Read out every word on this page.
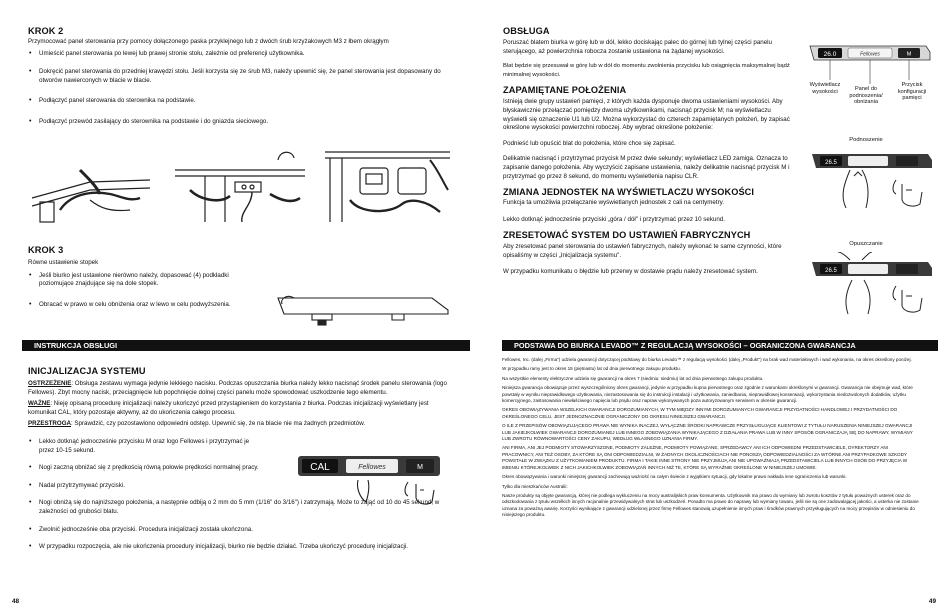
KROK 2

Przymocować panel sterowania przy pomocy dołączonego paska przyklejnego lub z dwóch śrub krzyżakowych M3 z łbem okrągłym

• Umieścić panel sterowania po lewej lub prawej stronie stołu, zależnie od preferencji użytkownika.

• Dokręcić panel sterowania do przedniej krawędzi stołu. Jeśli korzysta się ze śrub M3, należy upewnić się, że panel sterowania jest dopasowany do otworów nawierconych w blacie w blacie.

• Podłączyć panel sterowania do sterownika na podstawie.

• Podłączyć przewód zasilający do sterownika na podstawie i do gniazda sieciowego.

KROK 3

Równe ustawienie stopek

• Jeśli biurko jest ustawione nierówno należy, dopasować (4) podkładki poziomujące znajdujące się na dole stopek.

• Obracać w prawo w celu obniżenia oraz w lewo w celu podwyższenia.

INSTRUKCJA OBSŁUGI
INICJALIZACJA SYSTEMU

OSTRZEŻENIE: Obsługa zestawu wymaga jedynie lekkiego nacisku. Podczas opuszczania biurka należy lekko nacisnąć środek panelu sterowania (logo Fellowes). Zbyt mocny nacisk, przeciągnięcie lub popchnięcie dolnej części panelu może spowodować uszkodzenie tego elementu.

WAŻNE: Nieję opisaną procedurę inicjalizacji należy ukończyć przed przystąpieniem do korzystania z biurka. Podczas inicjalizacji wyświetlany jest komunikat CAL, który pozostaje aktywny, aż do ukończenia całego procesu.

PRZESTROGA: Sprawdzić, czy pozostawiono odpowiedni odstęp. Upewnić się, że na blacie nie ma żadnych przedmiotów.

• Lekko dotknąć jednocześnie przycisku M oraz logo Fellowes i przytrzymać je przez 10-15 sekund.

• Nogi zaczną obniżać się z prędkością równą połowie prędkości normalnej pracy.

• Nadal przytrzymywać przyciski.

• Nogi obniżą się do najniższego położenia, a następnie odbiją o 2 mm do 5 mm (1/16" do 3/16") i zatrzymają. Może to zająć od 10 do 45 sekund, w zależności od grubości blatu.

• Zwolnić jednocześnie oba przyciski. Procedura inicjalizacji została ukończona.

• W przypadku rozpoczęcia, ale nie ukończenia procedury inicjalizacji, biurko nie będzie działać. Trzeba ukończyć procedurę inicjalizacji.

CAL	Fellowes	M
48
OBSŁUGA

Poruszać blatem biurka w górę lub w dół, lekko dociskając palec do górnej lub tylnej części panelu sterującego, aż powierzchnia robocza zostanie ustawiona na żądanej wysokości.

Blat będzie się przesuwał w górę lub w dół do momentu zwolnienia przycisku lub osiągnięcia maksymalnej bądź minimalnej wysokości.

ZAPAMIĘTANE POŁOŻENIA

Istnieją dwie grupy ustawień pamięci, z których każda dysponuje dwoma ustawieniami wysokości. Aby błyskawicznie przełączać pomiędzy dwoma użytkownikami, nacisnąć przycisk M; na wyświetlaczu wyświetli się oznaczenie U1 lub U2. Można wykorzystać do czterech zapamiętanych położeń, by zapisać określone wysokości powierzchni roboczej. Aby wybrać określone położenie:

Podnieść lub opuścić blat do położenia, które chce się zapisać.

Delikatnie nacisnąć i przytrzymać przycisk M przez dwie sekundy; wyświetlacz LED zamiga. Oznacza to zapisanie danego położenia. Aby wyczyścić zapisane ustawienia, należy delikatnie nacisnąć przycisk M i przytrzymać go przez 8 sekund, do momentu wyświetlenia napisu CLR.

ZMIANA JEDNOSTEK NA WYŚWIETLACZU WYSOKOŚCI

Funkcja ta umożliwia przełączanie wyświetlanych jednostek z cali na centymetry.

Lekko dotknąć jednocześnie przyciski „góra / dół" i przytrzymać przez 10 sekund.

ZRESETOWAĆ SYSTEM DO USTAWIEŃ FABRYCZNYCH

Aby zresetować panel sterowania do ustawień fabrycznych, należy wykonać te same czynności, które opisaliśmy w części „Inicjalizacja systemu".

W przypadku komunikatu o błędzie lub przerwy w dostawie prądu należy zresetować system.

26.0	Fellowes	M
Wyświetlacz wysokości	Panel do podnoszenia/ obniżania
Przycisk konfiguracji pamięci
Podnoszenie
26.5
Opuszczanie
26.5
PODSTAWA DO BIURKA LEVADO™ Z REGULACJĄ WYSOKOŚCI – OGRANICZONA GWARANCJA

Fellowes, Inc. (dalej „Firma") udziela gwarancji dotyczącej podstawy do biurka Levado™ z regulacją wysokości (dalej „Produkt") na brak wad materiałowych i wad wykonania, na okres określony poniżej.

W przypadku ramy jest to okres 15 (piętnastu) lat od dnia pierwotnego zakupu produktu.

Na wszystkie elementy elektryczne udziela się gwarancji na okres 7 (siedmiu: siedmiu) lat od dnia pierwotnego zakupu produktu.

Niniejsza gwarancja obowiązuje przez wyszczególniony okres gwarancji, jedynie w przypadku kupna pierwotnego oraz zgodnie z warunkami określonymi w gwarancji. Gwarancja nie obejmuje wad, które powstały w wyniku nieprawidłowego użytkowania, niezastosowania się do instrukcji instalacji i użytkowania, zaniedbania, nieprawidłowej konserwacji, wykorzystania niedozwolonych dodatków, użytku komercyjnego, zastosowania niewłaściwego napięcia lub prądu oraz napraw wykonywanych poza autoryzowanym serwisem w okresie gwarancji.

OKRES OBOWIĄZYWANIA WSZELKICH GWARANCJI DOROZUMIANYCH, W TYM MIĘDZY INNYMI DOROZUMIANYCH GWARANCJI PRZYDATNOŚCI HANDLOWEJ I PRZYDATNOŚCI DO OKREŚLONEGO CELU, JEST JEDNOZNACZNIE OGRANICZONY DO OKRESU NINIEJSZEJ GWARANCJI.

O ILE Z PRZEPISÓW OBOWIĄZUJĄCEGO PRAWA NIE WYNIKA INACZEJ, WYŁĄCZNE ŚRODKI NAPRAWCZE PRZYSŁUGUJĄCE KLIENTOWI Z TYTUŁU NARUSZENIA NINIEJSZEJ GWARANCJI LUB JAKIEJKOLWIEK GWARANCJI DOROZUMIANEJ LUB INNEGO ZOBOWIĄZANIA WYNIKAJĄCEGO Z DZIAŁANIA PRAWA LUB W INNY SPOSÓB OGRANICZAJĄ SIĘ DO NAPRAWY, WYMIANY LUB ZWROTU RÓWNOWARTOŚCI CENY ZAKUPU, WEDŁUG WŁASNEGO UZNANIA FIRMY.

ANI FIRMA, ANI JEJ PODMIOTY STOWARZYSZONE, PODMIOTY ZALEŻNE, PODMIOTY POWIĄZANE, SPRZEDAWCY ANI ICH ODPOWIEDNI PRZEDSTAWICIELE, DYREKTORZY ANI PRACOWNICY, ANI TEŻ OSOBY, ZA KTÓRE SĄ ONI ODPOWIEDZIALNI, W ŻADNYCH OKOLICZNOŚCIACH NIE PONOSZĄ ODPOWIEDZIALNOŚCI ZA WTÓRNE ANI PRZYPADKOWE SZKODY POWSTAŁE W ZWIĄZKU Z UŻYTKOWANIEM PRODUKTU. FIRMA I TAKIE INNE STRONY NIE PRZYJMUJĄ ANI NIE UPOWAŻNIAJĄ PRZEDSTAWICIELA LUB INNYCH OSÓB DO PRZYJĘCIA W IMIENIU KTÓREJKOLWIEK Z NICH JAKICHKOLWIEK ZOBOWIĄZAŃ INNYCH NIŻ TE, KTÓRE SĄ WYRAŹNIE OKREŚLONE W NINIEJSZEJ UMOWIE.

Okres obowiązywania i warunki niniejszej gwarancji zachowują ważność na całym świecie z wyjątkiem sytuacji, gdy lokalne prawo nakłada inne ograniczenia lub warunki.

Tylko dla mieszkańców Australii:

Nasze produkty są objęte gwarancją, której nie podlega wykluczeniu na mocy australijskich praw konsumenta. Użytkownik ma prawo do wymiany lub zwrotu kosztów z tytułu poważnych usterek oraz do odszkodowania z tytułu wszelkich innych racjonalnie przewidywalnych strat lub uszkodzeń. Ponadto ma prawo do naprawy lub wymiany towaru, jeśli nie są one zadowalającej jakości, a usterka nie zostanie uznana za poważną awarię. Korzyści wynikające z gwarancji udzielonej przez firmę Fellowes stanowią uzupełnienie innych praw i środków prawnych przysługujących na mocy przepisów w odniesieniu do niniejszego produktu.

49
